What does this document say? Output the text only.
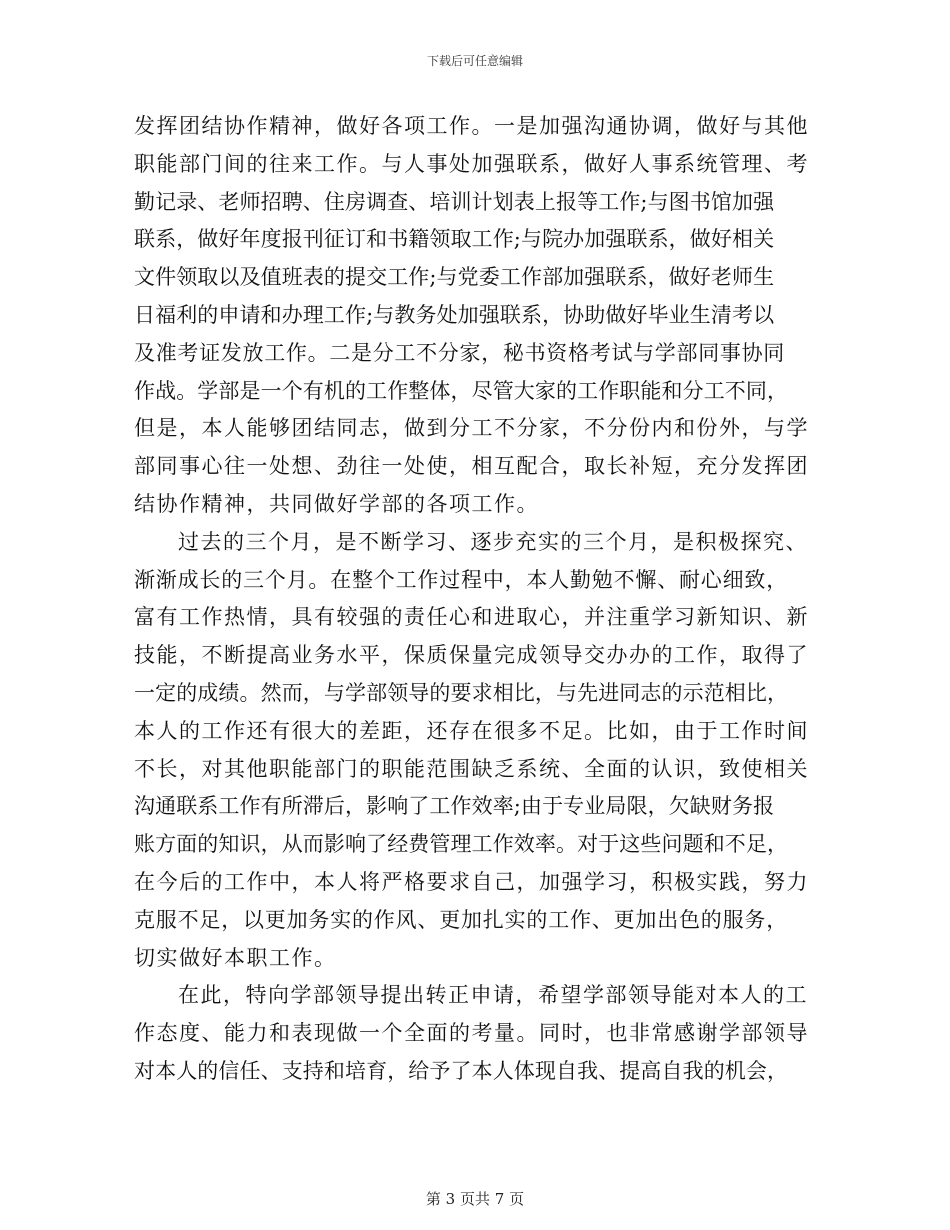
下载后可任意编辑
发挥团结协作精神，做好各项工作。一是加强沟通协调，做好与其他
职能部门间的往来工作。与人事处加强联系，做好人事系统管理、考
勤记录、老师招聘、住房调查、培训计划表上报等工作;与图书馆加强
联系，做好年度报刊征订和书籍领取工作;与院办加强联系，做好相关
文件领取以及值班表的提交工作;与党委工作部加强联系，做好老师生
日福利的申请和办理工作;与教务处加强联系，协助做好毕业生清考以
及准考证发放工作。二是分工不分家，秘书资格考试与学部同事协同
作战。学部是一个有机的工作整体，尽管大家的工作职能和分工不同，
但是，本人能够团结同志，做到分工不分家，不分份内和份外，与学
部同事心往一处想、劲往一处使，相互配合，取长补短，充分发挥团
结协作精神，共同做好学部的各项工作。
过去的三个月，是不断学习、逐步充实的三个月，是积极探究、
渐渐成长的三个月。在整个工作过程中，本人勤勉不懈、耐心细致，
富有工作热情，具有较强的责任心和进取心，并注重学习新知识、新
技能，不断提高业务水平，保质保量完成领导交办办的工作，取得了
一定的成绩。然而，与学部领导的要求相比，与先进同志的示范相比，
本人的工作还有很大的差距，还存在很多不足。比如，由于工作时间
不长，对其他职能部门的职能范围缺乏系统、全面的认识，致使相关
沟通联系工作有所滞后，影响了工作效率;由于专业局限，欠缺财务报
账方面的知识，从而影响了经费管理工作效率。对于这些问题和不足，
在今后的工作中，本人将严格要求自己，加强学习，积极实践，努力
克服不足，以更加务实的作风、更加扎实的工作、更加出色的服务，
切实做好本职工作。
在此，特向学部领导提出转正申请，希望学部领导能对本人的工
作态度、能力和表现做一个全面的考量。同时，也非常感谢学部领导
对本人的信任、支持和培育，给予了本人体现自我、提高自我的机会，
第 3 页共 7 页
